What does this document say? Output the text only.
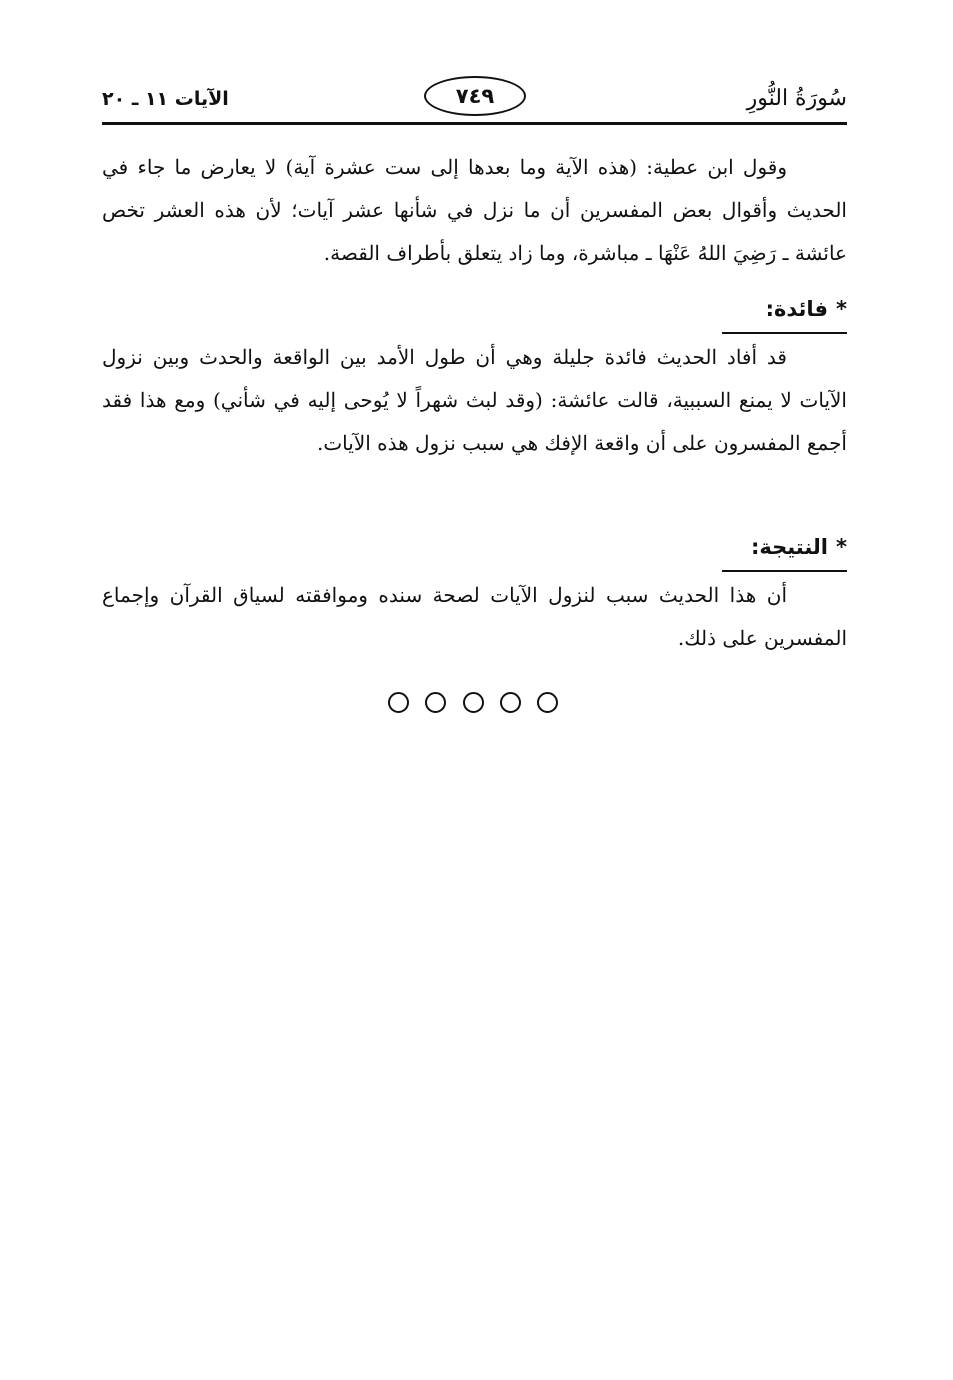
الآيات ١١ ـ ٢٠	٧٤٩	سُورَةُ النُّورِ
وقول ابن عطية: (هذه الآية وما بعدها إلى ست عشرة آية) لا يعارض ما جاء في الحديث وأقوال بعض المفسرين أن ما نزل في شأنها عشر آيات؛ لأن هذه العشر تخص عائشة ـ رَضِيَ اللهُ عَنْهَا ـ مباشرة، وما زاد يتعلق بأطراف القصة.
*فائدة:
قد أفاد الحديث فائدة جليلة وهي أن طول الأمد بين الواقعة والحدث وبين نزول الآيات لا يمنع السببية، قالت عائشة: (وقد لبث شهراً لا يُوحى إليه في شأني) ومع هذا فقد أجمع المفسرون على أن واقعة الإفك هي سبب نزول هذه الآيات.
*النتيجة:
أن هذا الحديث سبب لنزول الآيات لصحة سنده وموافقته لسياق القرآن وإجماع المفسرين على ذلك.
